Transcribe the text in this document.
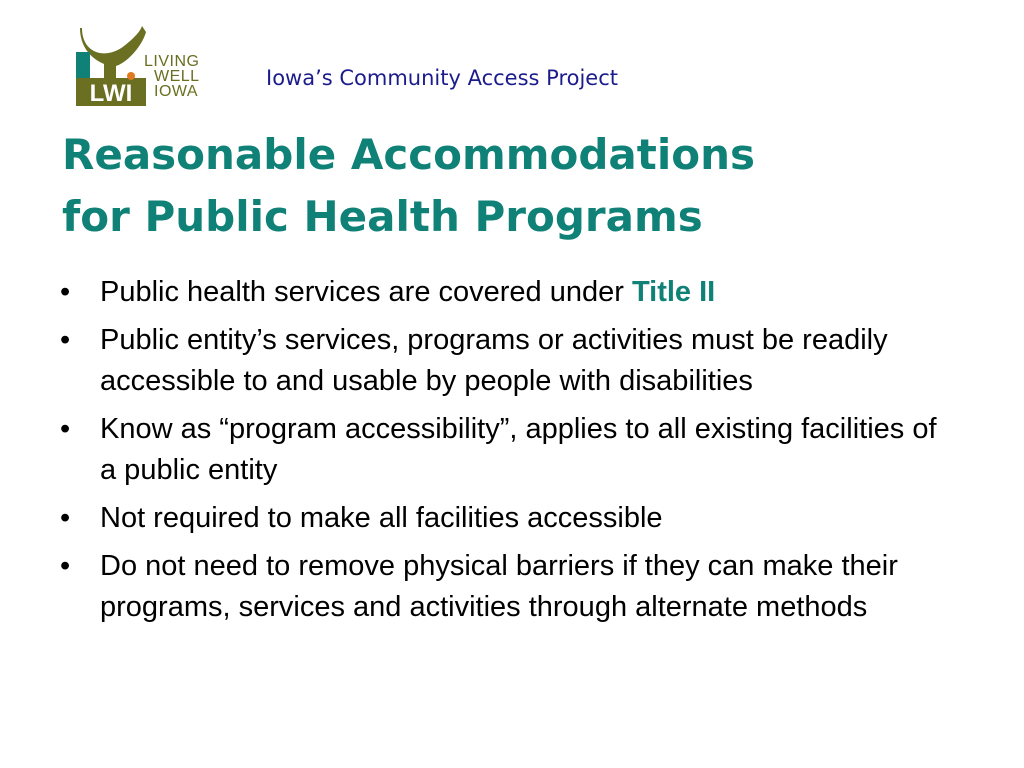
LWI
LIVING
WELL
IOWA
Iowa’s Community Access Project
Reasonable Accommodations
for Public Health Programs
• Public health services are covered under Title II
• Public entity’s services, programs or activities must be readily accessible to and usable by people with disabilities
• Know as “program accessibility”, applies to all existing facilities of a public entity
• Not required to make all facilities accessible
• Do not need to remove physical barriers if they can make their programs, services and activities through alternate methods
